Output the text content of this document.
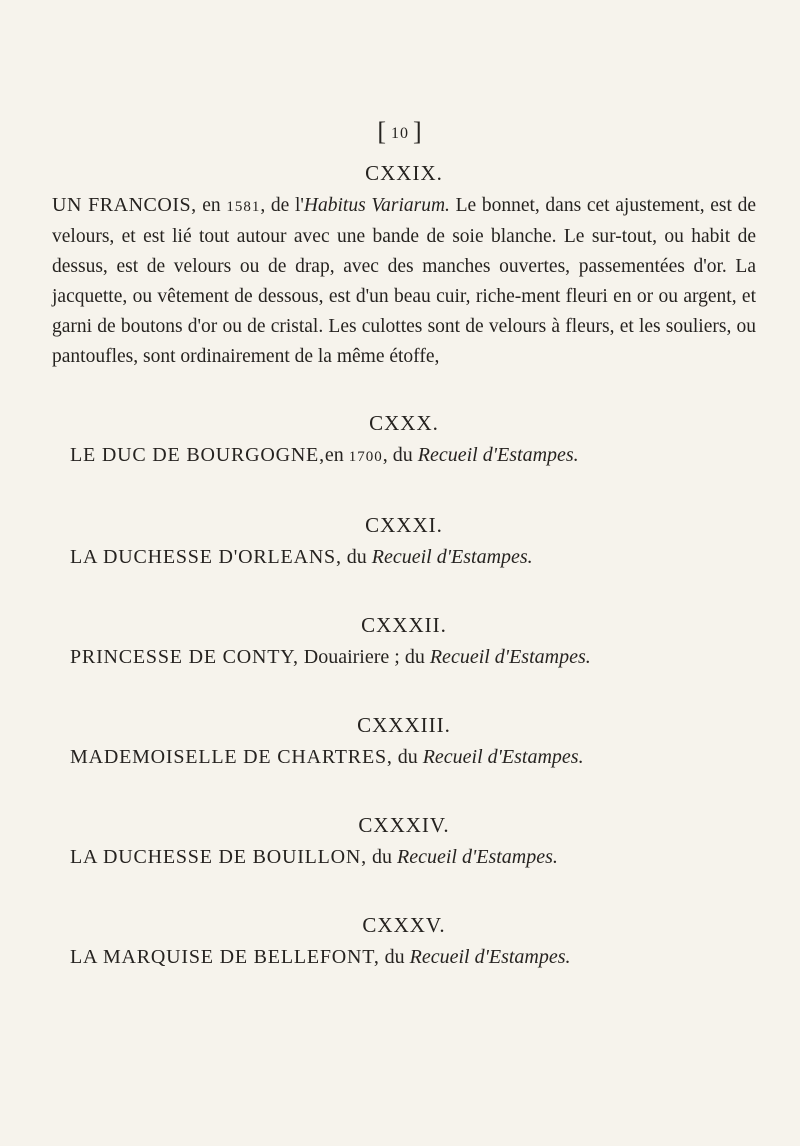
[ 10 ]
CXXIX.

UN FRANCOIS, en 1581, de l'Habitus Variarum. Le bonnet, dans cet ajustement, est de velours, et est lié tout autour avec une bande de soie blanche. Le sur-tout, ou habit de dessus, est de velours ou de drap, avec des manches ouvertes, passementées d'or. La jacquette, ou vêtement de dessous, est d'un beau cuir, riche-ment fleuri en or ou argent, et garni de boutons d'or ou de cristal. Les culottes sont de velours à fleurs, et les souliers, ou pantoufles, sont ordinairement de la même étoffe,

CXXX.

LE DUC DE BOURGOGNE,en 1700, du Recueil d'Estampes.

CXXXI.

LA DUCHESSE D'ORLEANS, du Recueil d'Estampes.

CXXXII.

PRINCESSE DE CONTY, Douairiere ; du Recueil d'Estampes.

CXXXIII.

MADEMOISELLE DE CHARTRES, du Recueil d'Estampes.

CXXXIV.

LA DUCHESSE DE BOUILLON, du Recueil d'Estampes.

CXXXV.

LA MARQUISE DE BELLEFONT, du Recueil d'Estampes.
